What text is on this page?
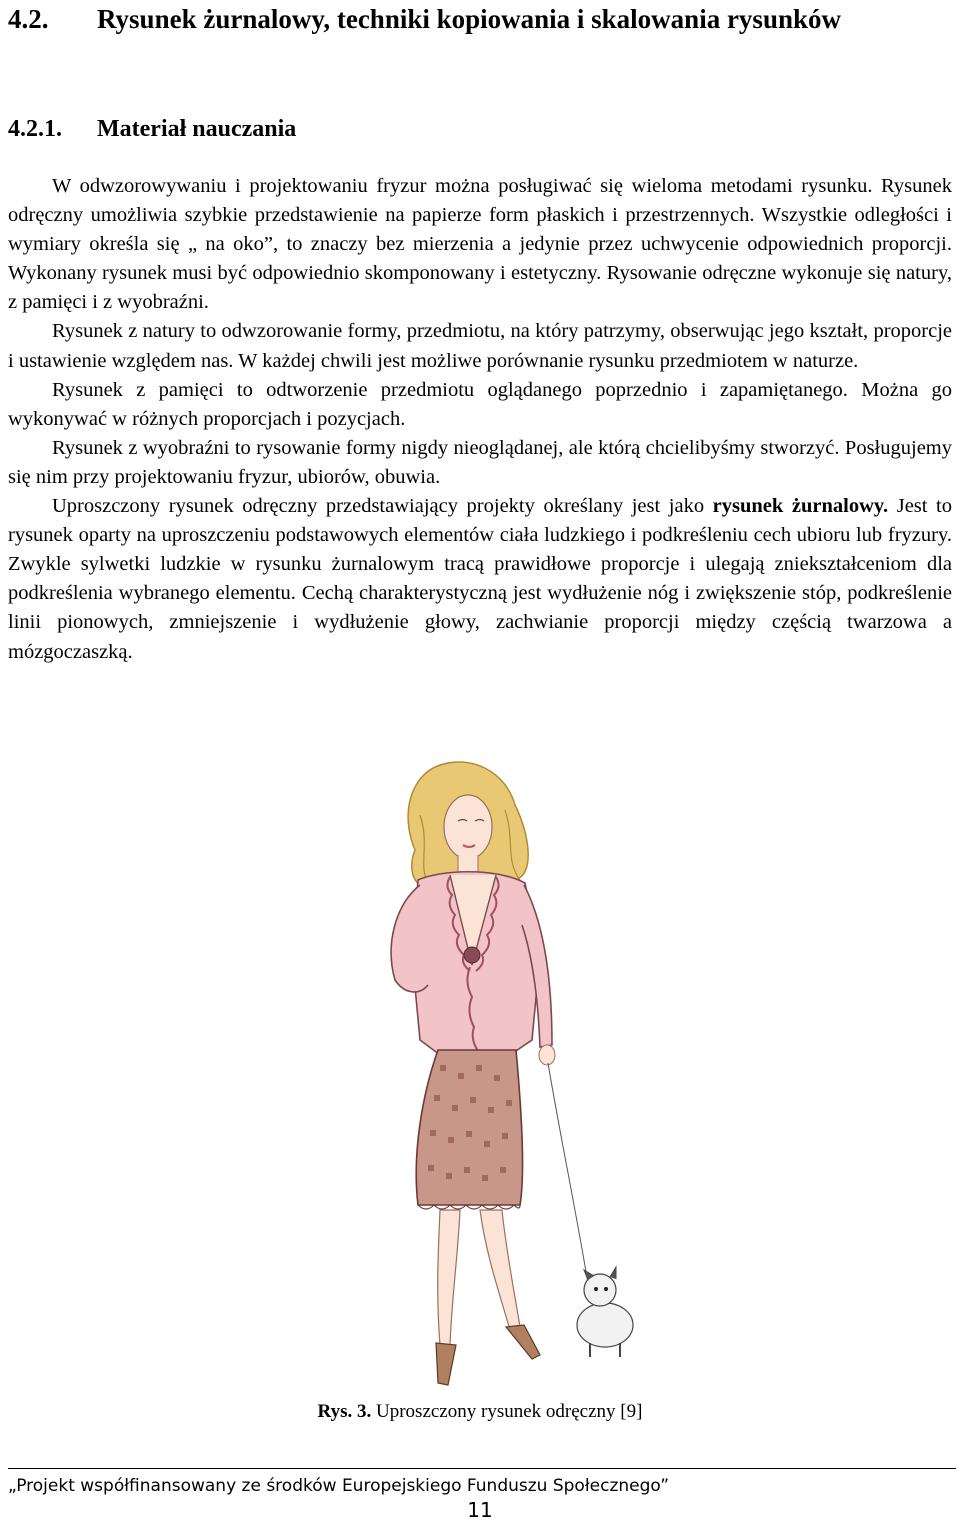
4.2. Rysunek żurnalowy, techniki kopiowania i skalowania rysunków
4.2.1. Materiał nauczania

W odwzorowywaniu i projektowaniu fryzur można posługiwać się wieloma metodami rysunku. Rysunek odręczny umożliwia szybkie przedstawienie na papierze form płaskich i przestrzennych. Wszystkie odległości i wymiary określa się „ na oko”, to znaczy bez mierzenia a jedynie przez uchwycenie odpowiednich proporcji. Wykonany rysunek musi być odpowiednio skomponowany i estetyczny. Rysowanie odręczne wykonuje się natury, z pamięci i z wyobraźni.

Rysunek z natury to odwzorowanie formy, przedmiotu, na który patrzymy, obserwując jego kształt, proporcje i ustawienie względem nas. W każdej chwili jest możliwe porównanie rysunku przedmiotem w naturze.

Rysunek z pamięci to odtworzenie przedmiotu oglądanego poprzednio i zapamiętanego. Można go wykonywać w różnych proporcjach i pozycjach.

Rysunek z wyobraźni to rysowanie formy nigdy nieoglądanej, ale którą chcielibyśmy stworzyć. Posługujemy się nim przy projektowaniu fryzur, ubiorów, obuwia.

Uproszczony rysunek odręczny przedstawiający projekty określany jest jako rysunek żurnalowy. Jest to rysunek oparty na uproszczeniu podstawowych elementów ciała ludzkiego i podkreśleniu cech ubioru lub fryzury. Zwykle sylwetki ludzkie w rysunku żurnalowym tracą prawidłowe proporcje i ulegają zniekształceniom dla podkreślenia wybranego elementu. Cechą charakterystyczną jest wydłużenie nóg i zwiększenie stóp, podkreślenie linii pionowych, zmniejszenie i wydłużenie głowy, zachwianie proporcji między częścią twarzowa a mózgoczaszką.

Rys. 3. Uproszczony rysunek odręczny [9]
„Projekt współfinansowany ze środków Europejskiego Funduszu Społecznego”
11
